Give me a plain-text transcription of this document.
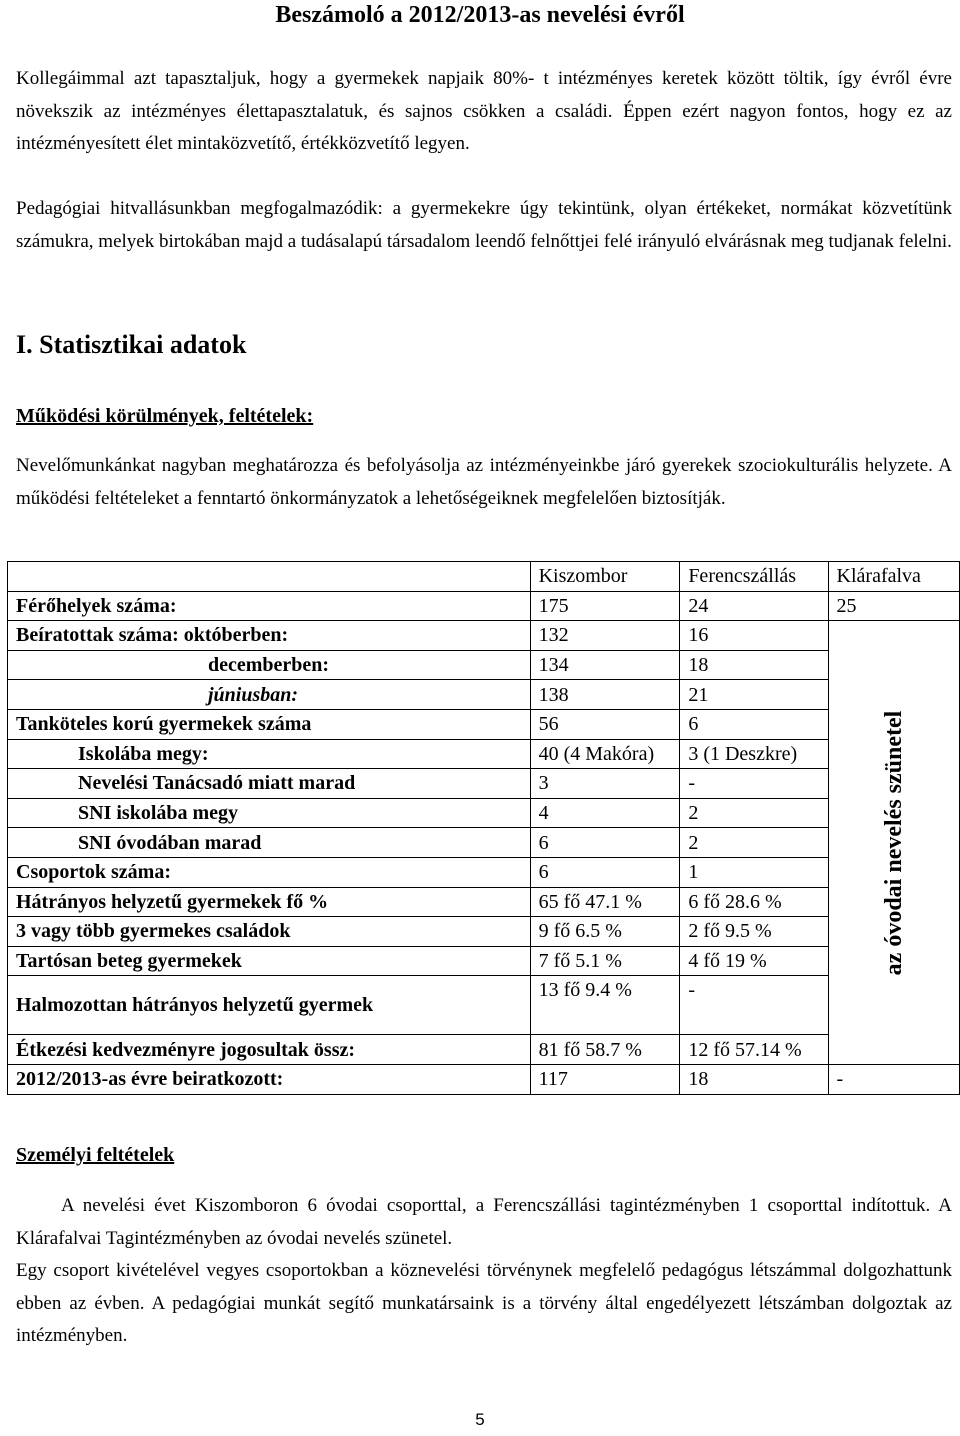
Beszámoló a 2012/2013-as nevelési évről

Kollegáimmal azt tapasztaljuk, hogy a gyermekek napjaik 80%- t intézményes keretek között töltik, így évről évre növekszik az intézményes élettapasztalatuk, és sajnos csökken a családi. Éppen ezért nagyon fontos, hogy ez az intézményesített élet mintaközvetítő, értékközvetítő legyen.

Pedagógiai hitvallásunkban megfogalmazódik: a gyermekekre úgy tekintünk, olyan értékeket, normákat közvetítünk számukra, melyek birtokában majd a tudásalapú társadalom leendő felnőttjei felé irányuló elvárásnak meg tudjanak felelni.

I. Statisztikai adatok
Működési körülmények, feltételek:

Nevelőmunkánkat nagyban meghatározza és befolyásolja az intézményeinkbe járó gyerekek szociokulturális helyzete. A működési feltételeket a fenntartó önkormányzatok a lehetőségeiknek megfelelően biztosítják.

	Kiszombor	Ferencszállás	Klárafalva
Férőhelyek száma:	175	24	25
Beíratottak száma: októberben:	132	16	az óvodai nevelés szünetel

decemberben:	134	18	
júniusban:	138	21	
Tanköteles korú gyermekek száma	56	6	
Iskolába megy:	40 (4 Makóra)	3 (1 Deszkre)	
Nevelési Tanácsadó miatt marad	3	-	
SNI iskolába megy	4	2	
SNI óvodában marad	6	2	
Csoportok száma:	6	1	
Hátrányos helyzetű gyermekek fő %	65 fő 47.1 %	6 fő 28.6 %	
3 vagy több gyermekes családok	9 fő 6.5 %	2 fő 9.5 %	
Tartósan beteg gyermekek	7 fő 5.1 %	4 fő 19 %	
Halmozottan hátrányos helyzetű gyermek	13 fő 9.4 %	-	
Étkezési kedvezményre jogosultak össz:	81 fő 58.7 %	12 fő 57.14 %	
2012/2013-as évre beiratkozott:	117	18	-
Személyi feltételek

A nevelési évet Kiszomboron 6 óvodai csoporttal, a Ferencszállási tagintézményben 1 csoporttal indítottuk. A Klárafalvai Tagintézményben az óvodai nevelés szünetel.

Egy csoport kivételével vegyes csoportokban a köznevelési törvénynek megfelelő pedagógus létszámmal dolgozhattunk ebben az évben. A pedagógiai munkát segítő munkatársaink is a törvény által engedélyezett létszámban dolgoztak az intézményben.

5
